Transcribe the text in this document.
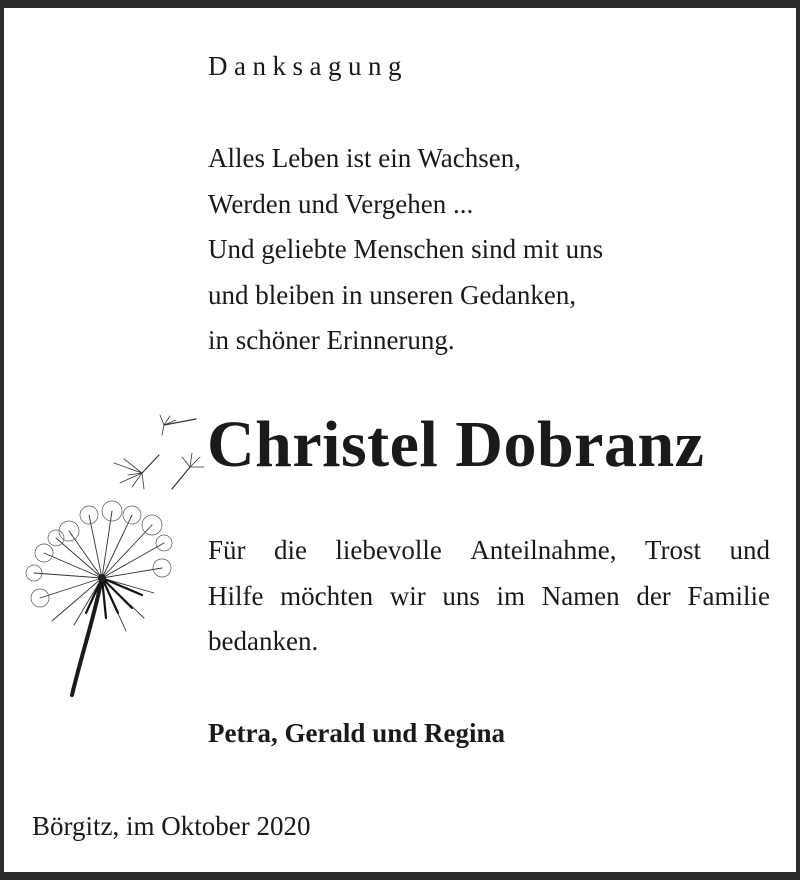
Danksagung
Alles Leben ist ein Wachsen,
Werden und Vergehen ...
Und geliebte Menschen sind mit uns
und bleiben in unseren Gedanken,
in schöner Erinnerung.
Christel Dobranz
Für die liebevolle Anteilnahme, Trost und
Hilfe möchten wir uns im Namen der Familie
bedanken.
Petra, Gerald und Regina
Börgitz, im Oktober 2020
